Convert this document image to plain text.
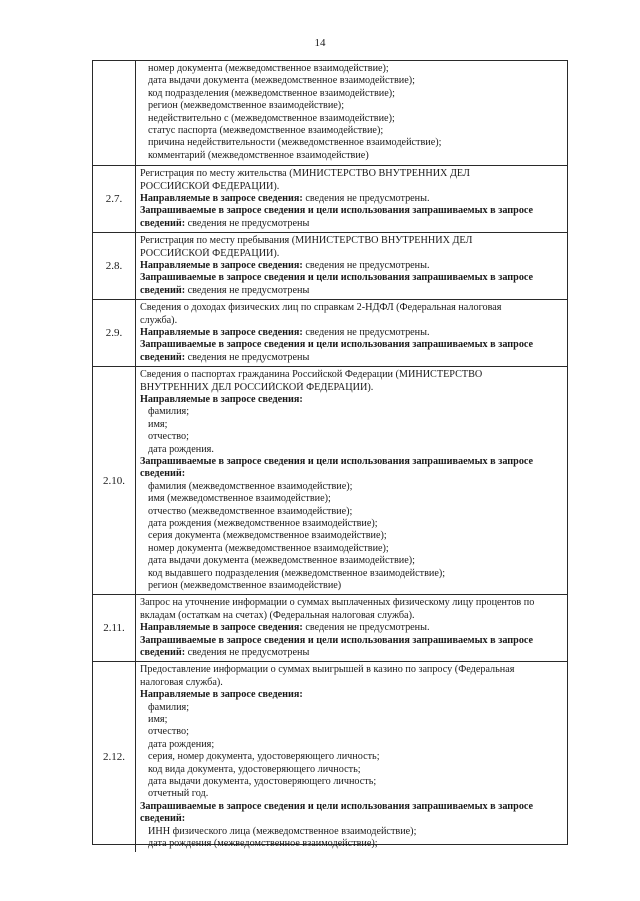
14
номер документа (межведомственное взаимодействие);
дата выдачи документа (межведомственное взаимодействие);
код подразделения (межведомственное взаимодействие);
регион (межведомственное взаимодействие);
недействительно с (межведомственное взаимодействие);
статус паспорта (межведомственное взаимодействие);
причина недействительности (межведомственное взаимодействие);
комментарий (межведомственное взаимодействие)
2.7.
Регистрация по месту жительства (МИНИСТЕРСТВО ВНУТРЕННИХ ДЕЛ
РОССИЙСКОЙ ФЕДЕРАЦИИ).
Направляемые в запросе сведения: сведения не предусмотрены.
Запрашиваемые в запросе сведения и цели использования запрашиваемых в запросе
сведений: сведения не предусмотрены
2.8.
Регистрация по месту пребывания (МИНИСТЕРСТВО ВНУТРЕННИХ ДЕЛ
РОССИЙСКОЙ ФЕДЕРАЦИИ).
Направляемые в запросе сведения: сведения не предусмотрены.
Запрашиваемые в запросе сведения и цели использования запрашиваемых в запросе
сведений: сведения не предусмотрены
2.9.
Сведения о доходах физических лиц по справкам 2-НДФЛ (Федеральная налоговая
служба).
Направляемые в запросе сведения: сведения не предусмотрены.
Запрашиваемые в запросе сведения и цели использования запрашиваемых в запросе
сведений: сведения не предусмотрены
2.10.
Сведения о паспортах гражданина Российской Федерации (МИНИСТЕРСТВО
ВНУТРЕННИХ ДЕЛ РОССИЙСКОЙ ФЕДЕРАЦИИ).
Направляемые в запросе сведения:
фамилия;
имя;
отчество;
дата рождения.
Запрашиваемые в запросе сведения и цели использования запрашиваемых в запросе
сведений:
фамилия (межведомственное взаимодействие);
имя (межведомственное взаимодействие);
отчество (межведомственное взаимодействие);
дата рождения (межведомственное взаимодействие);
серия документа (межведомственное взаимодействие);
номер документа (межведомственное взаимодействие);
дата выдачи документа (межведомственное взаимодействие);
код выдавшего подразделения (межведомственное взаимодействие);
регион (межведомственное взаимодействие)
2.11.
Запрос на уточнение информации о суммах выплаченных физическому лицу процентов по
вкладам (остаткам на счетах) (Федеральная налоговая служба).
Направляемые в запросе сведения: сведения не предусмотрены.
Запрашиваемые в запросе сведения и цели использования запрашиваемых в запросе
сведений: сведения не предусмотрены
2.12.
Предоставление информации о суммах выигрышей в казино по запросу (Федеральная
налоговая служба).
Направляемые в запросе сведения:
фамилия;
имя;
отчество;
дата рождения;
серия, номер документа, удостоверяющего личность;
код вида документа, удостоверяющего личность;
дата выдачи документа, удостоверяющего личность;
отчетный год.
Запрашиваемые в запросе сведения и цели использования запрашиваемых в запросе
сведений:
ИНН физического лица (межведомственное взаимодействие);
дата рождения (межведомственное взаимодействие);
